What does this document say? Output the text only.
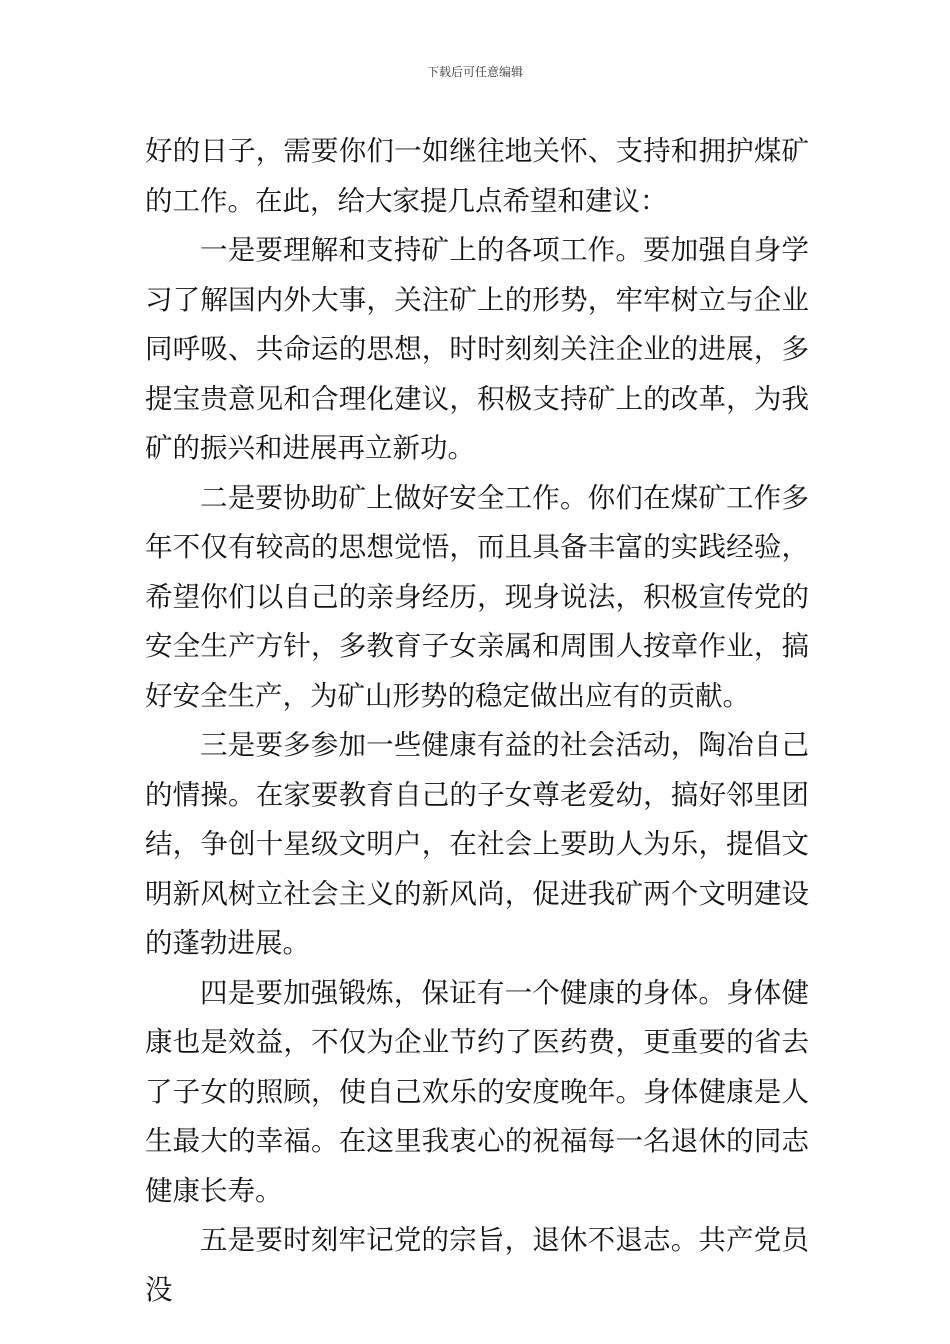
下载后可任意编辑

好的日子，需要你们一如继往地关怀、支持和拥护煤矿的工作。在此，给大家提几点希望和建议：

一是要理解和支持矿上的各项工作。要加强自身学习了解国内外大事，关注矿上的形势，牢牢树立与企业同呼吸、共命运的思想，时时刻刻关注企业的进展，多提宝贵意见和合理化建议，积极支持矿上的改革，为我矿的振兴和进展再立新功。

二是要协助矿上做好安全工作。你们在煤矿工作多年不仅有较高的思想觉悟，而且具备丰富的实践经验，希望你们以自己的亲身经历，现身说法，积极宣传党的安全生产方针，多教育子女亲属和周围人按章作业，搞好安全生产，为矿山形势的稳定做出应有的贡献。

三是要多参加一些健康有益的社会活动，陶冶自己的情操。在家要教育自己的子女尊老爱幼，搞好邻里团结，争创十星级文明户，在社会上要助人为乐，提倡文明新风树立社会主义的新风尚，促进我矿两个文明建设的蓬勃进展。

四是要加强锻炼，保证有一个健康的身体。身体健康也是效益，不仅为企业节约了医药费，更重要的省去了子女的照顾，使自己欢乐的安度晚年。身体健康是人生最大的幸福。在这里我衷心的祝福每一名退休的同志健康长寿。

五是要时刻牢记党的宗旨，退休不退志。共产党员没
